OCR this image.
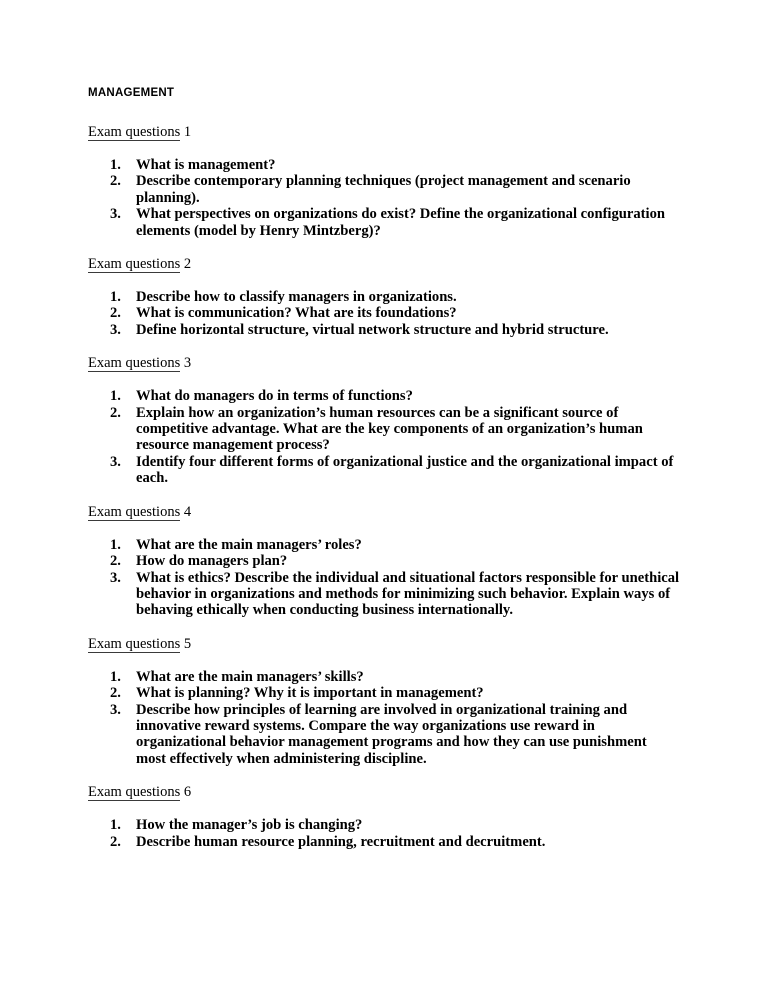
MANAGEMENT
Exam questions 1
1.	What is management?
2.	Describe contemporary planning techniques (project management and scenario planning).
3.	What perspectives on organizations do exist? Define the organizational configuration elements (model by Henry Mintzberg)?
Exam questions 2
1.	Describe how to classify managers in organizations.
2.	What is communication? What are its foundations?
3.	Define horizontal structure, virtual network structure and hybrid structure.
Exam questions 3
1.	What do managers do in terms of functions?
2.	Explain how an organization’s human resources can be a significant source of competitive advantage. What are the key components of an organization’s human resource management process?
3.	Identify four different forms of organizational justice and the organizational impact of each.
Exam questions 4
1.	What are the main managers’ roles?
2.	How do managers plan?
3.	What is ethics? Describe the individual and situational factors responsible for unethical behavior in organizations and methods for minimizing such behavior. Explain ways of behaving ethically when conducting business internationally.
Exam questions 5
1.	What are the main managers’ skills?
2.	What is planning? Why it is important in management?
3.	Describe how principles of learning are involved in organizational training and innovative reward systems. Compare the way organizations use reward in organizational behavior management programs and how they can use punishment most effectively when administering discipline.
Exam questions 6
1.	How the manager’s job is changing?
2.	Describe human resource planning, recruitment and decruitment.
